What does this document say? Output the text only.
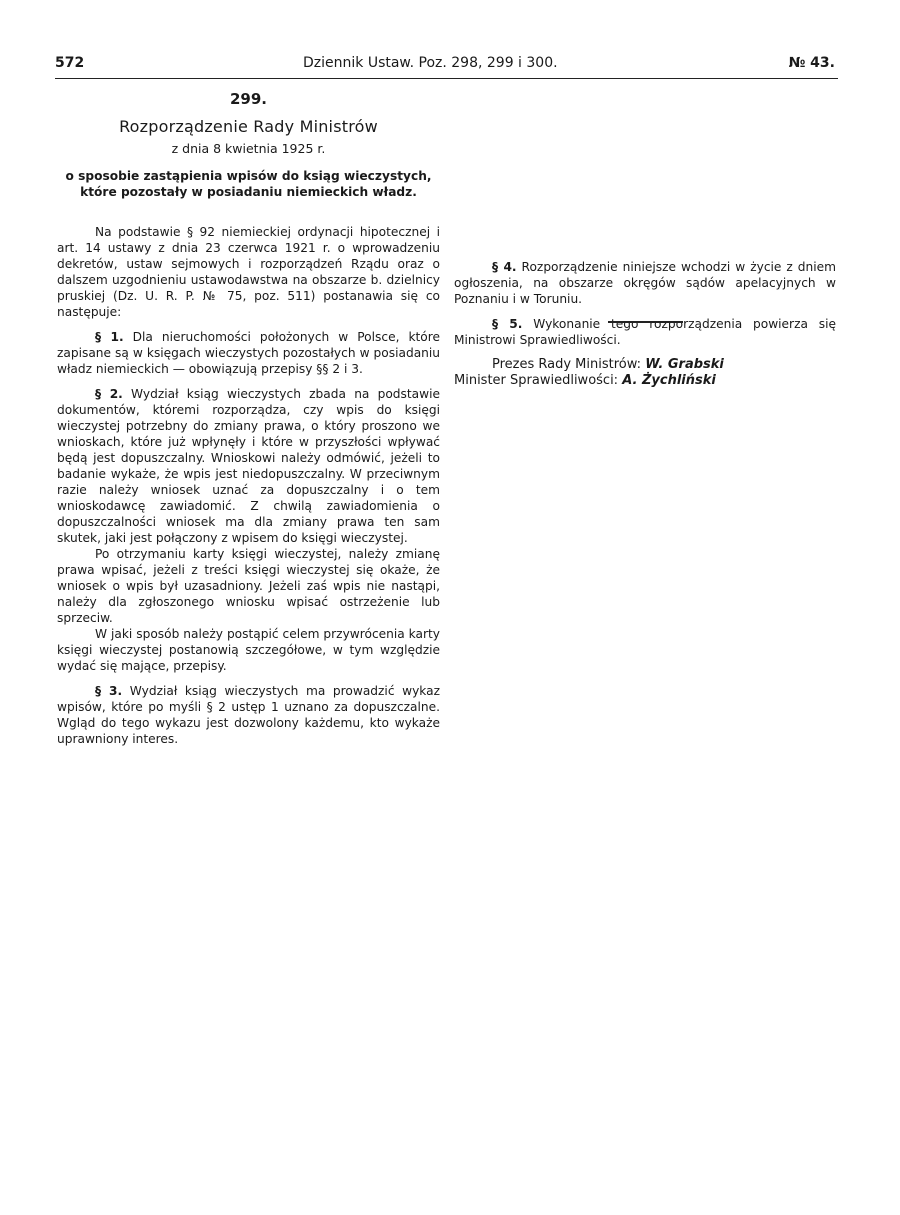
572	Dziennik Ustaw. Poz. 298, 299 i 300.	№ 43.
299.
Rozporządzenie Rady Ministrów
z dnia 8 kwietnia 1925 r.
o sposobie zastąpienia wpisów do ksiąg wieczystych, które pozostały w posiadaniu niemieckich władz.

Na podstawie § 92 niemieckiej ordynacji hipotecznej i art. 14 ustawy z dnia 23 czerwca 1921 r. o wprowadzeniu dekretów, ustaw sejmowych i rozporządzeń Rządu oraz o dalszem uzgodnieniu ustawodawstwa na obszarze b. dzielnicy pruskiej (Dz. U. R. P. № 75, poz. 511) postanawia się co następuje:

§ 1. Dla nieruchomości położonych w Polsce, które zapisane są w księgach wieczystych pozostałych w posiadaniu władz niemieckich — obowiązują przepisy §§ 2 i 3.

§ 2. Wydział ksiąg wieczystych zbada na podstawie dokumentów, któremi rozporządza, czy wpis do księgi wieczystej potrzebny do zmiany prawa, o który proszono we wnioskach, które już wpłynęły i które w przyszłości wpływać będą jest dopuszczalny. Wnioskowi należy odmówić, jeżeli to badanie wykaże, że wpis jest niedopuszczalny. W przeciwnym razie należy wniosek uznać za dopuszczalny i o tem wnioskodawcę zawiadomić. Z chwilą zawiadomienia o dopuszczalności wniosek ma dla zmiany prawa ten sam skutek, jaki jest połączony z wpisem do księgi wieczystej.

Po otrzymaniu karty księgi wieczystej, należy zmianę prawa wpisać, jeżeli z treści księgi wieczystej się okaże, że wniosek o wpis był uzasadniony. Jeżeli zaś wpis nie nastąpi, należy dla zgłoszonego wniosku wpisać ostrzeżenie lub sprzeciw.

W jaki sposób należy postąpić celem przywrócenia karty księgi wieczystej postanowią szczegółowe, w tym względzie wydać się mające, przepisy.

§ 3. Wydział ksiąg wieczystych ma prowadzić wykaz wpisów, które po myśli § 2 ustęp 1 uznano za dopuszczalne. Wgląd do tego wykazu jest dozwolony każdemu, kto wykaże uprawniony interes.

§ 4. Rozporządzenie niniejsze wchodzi w życie z dniem ogłoszenia, na obszarze okręgów sądów apelacyjnych w Poznaniu i w Toruniu.

§ 5. Wykonanie tego rozporządzenia powierza się Ministrowi Sprawiedliwości.

Prezes Rady Ministrów: W. Grabski

Minister Sprawiedliwości: A. Żychliński
